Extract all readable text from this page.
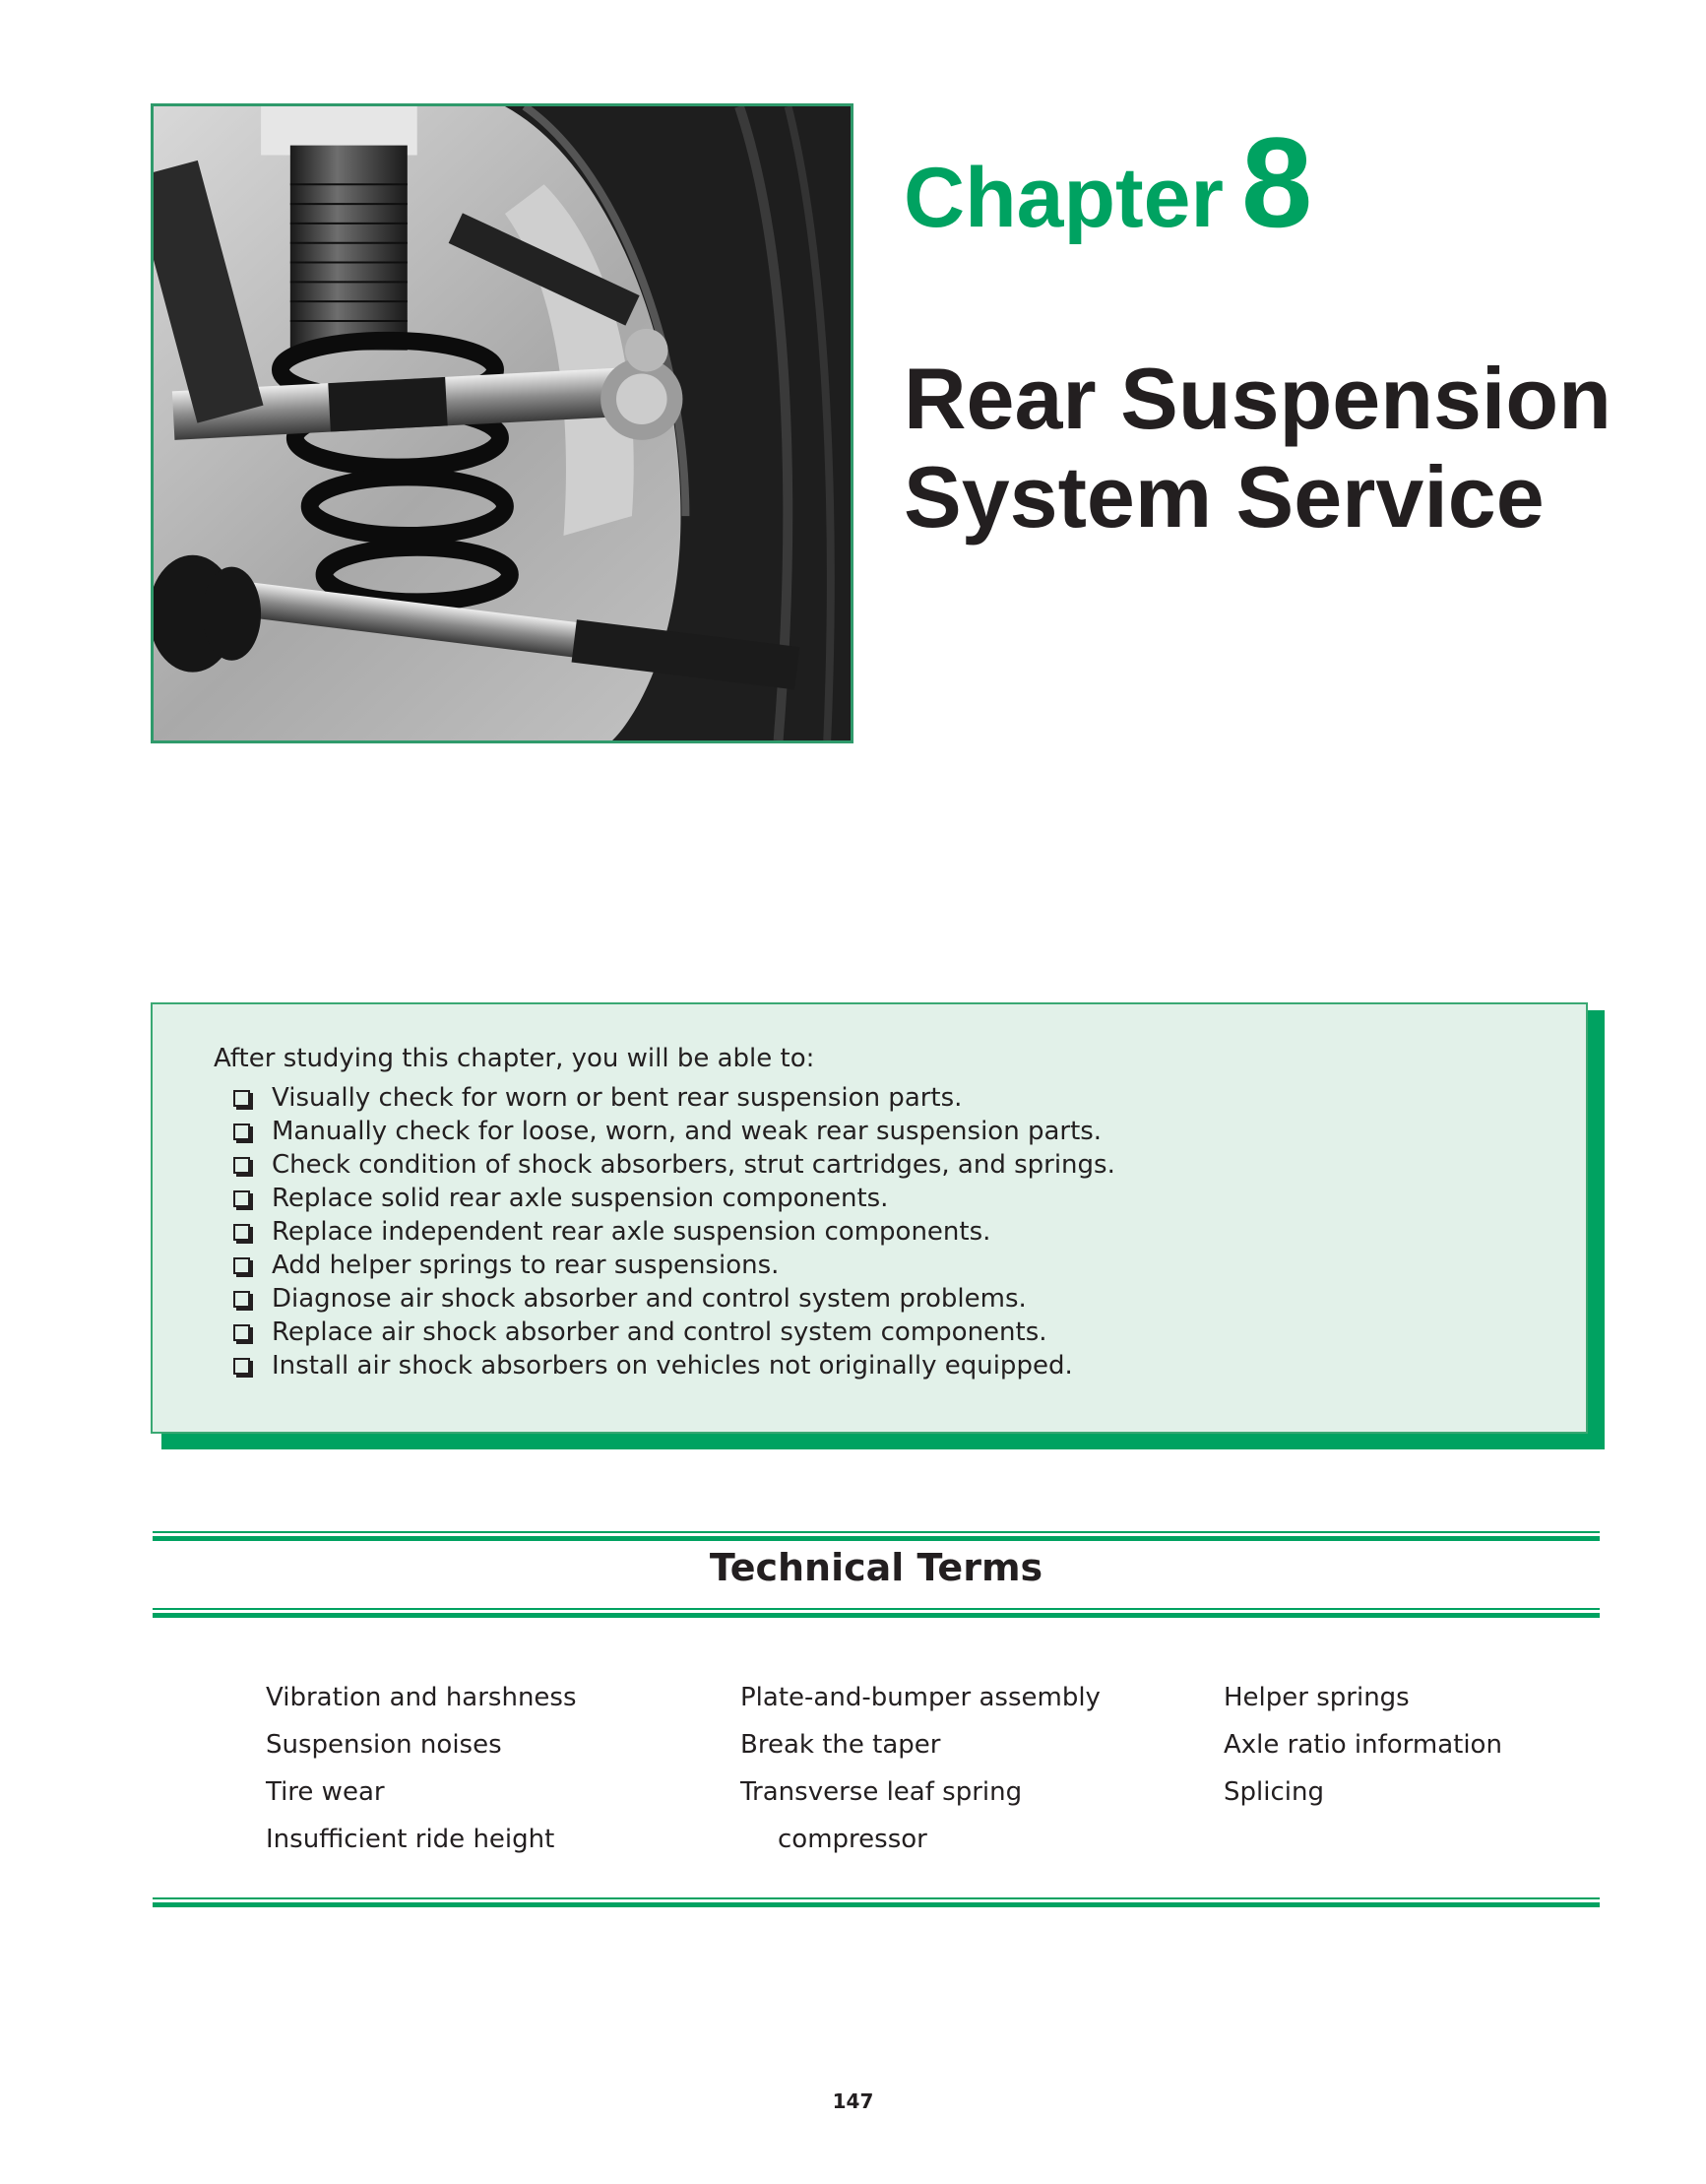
Chapter 8
Rear Suspension
System Service

After studying this chapter, you will be able to:

Visually check for worn or bent rear suspension parts.
Manually check for loose, worn, and weak rear suspension parts.
Check condition of shock absorbers, strut cartridges, and springs.
Replace solid rear axle suspension components.
Replace independent rear axle suspension components.
Add helper springs to rear suspensions.
Diagnose air shock absorber and control system problems.
Replace air shock absorber and control system components.
Install air shock absorbers on vehicles not originally equipped.
Technical Terms
Vibration and harshness
Suspension noises
Tire wear
Insufficient ride height
Plate-and-bumper assembly
Break the taper
Transverse leaf spring
compressor
Helper springs
Axle ratio information
Splicing
147
